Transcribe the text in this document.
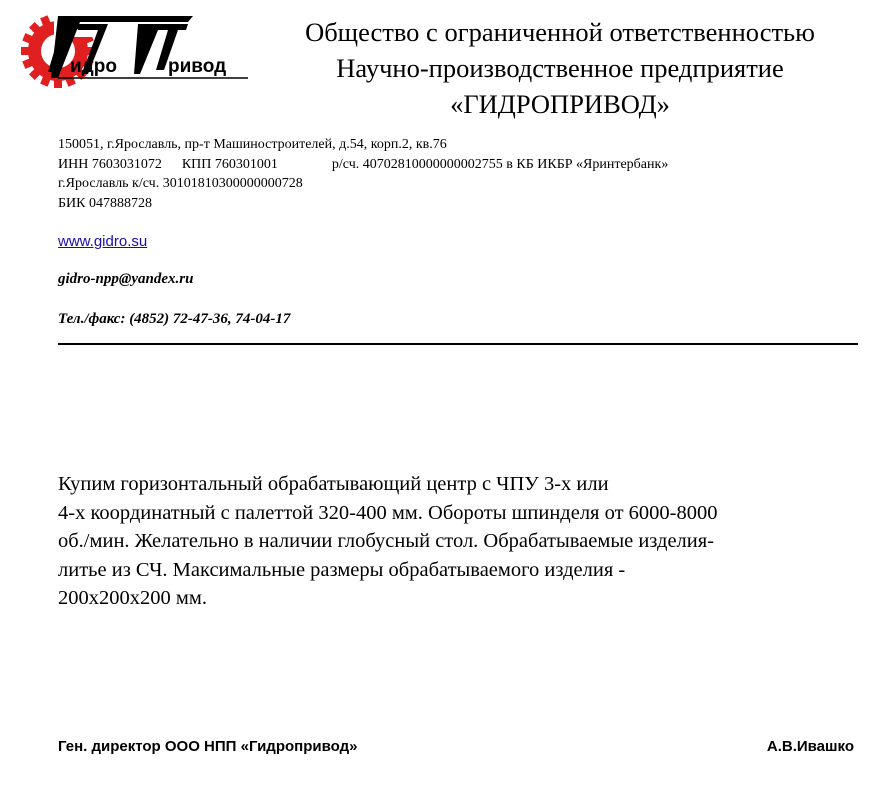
идро	ривод
Общество с ограниченной ответственностью
Научно-производственное предприятие
«ГИДРОПРИВОД»
150051, г.Ярославль, пр-т Машиностроителей, д.54, корп.2, кв.76
ИНН 7603031072 КПП 760301001	р/сч. 40702810000000002755 в КБ ИКБР «Яринтербанк»
г.Ярославль к/сч. 30101810300000000728
БИК 047888728
www.gidro.su
gidro-npp@yandex.ru
Тел./факс: (4852) 72-47-36, 74-04-17
Купим горизонтальный обрабатывающий центр с ЧПУ 3-х или
4-х координатный с палеттой 320-400 мм. Обороты шпинделя от 6000-8000
об./мин. Желательно в наличии глобусный стол. Обрабатываемые изделия-
литье из СЧ. Максимальные размеры обрабатываемого изделия -
200х200х200 мм.
Ген. директор ООО НПП «Гидропривод»	А.В.Ивашко
